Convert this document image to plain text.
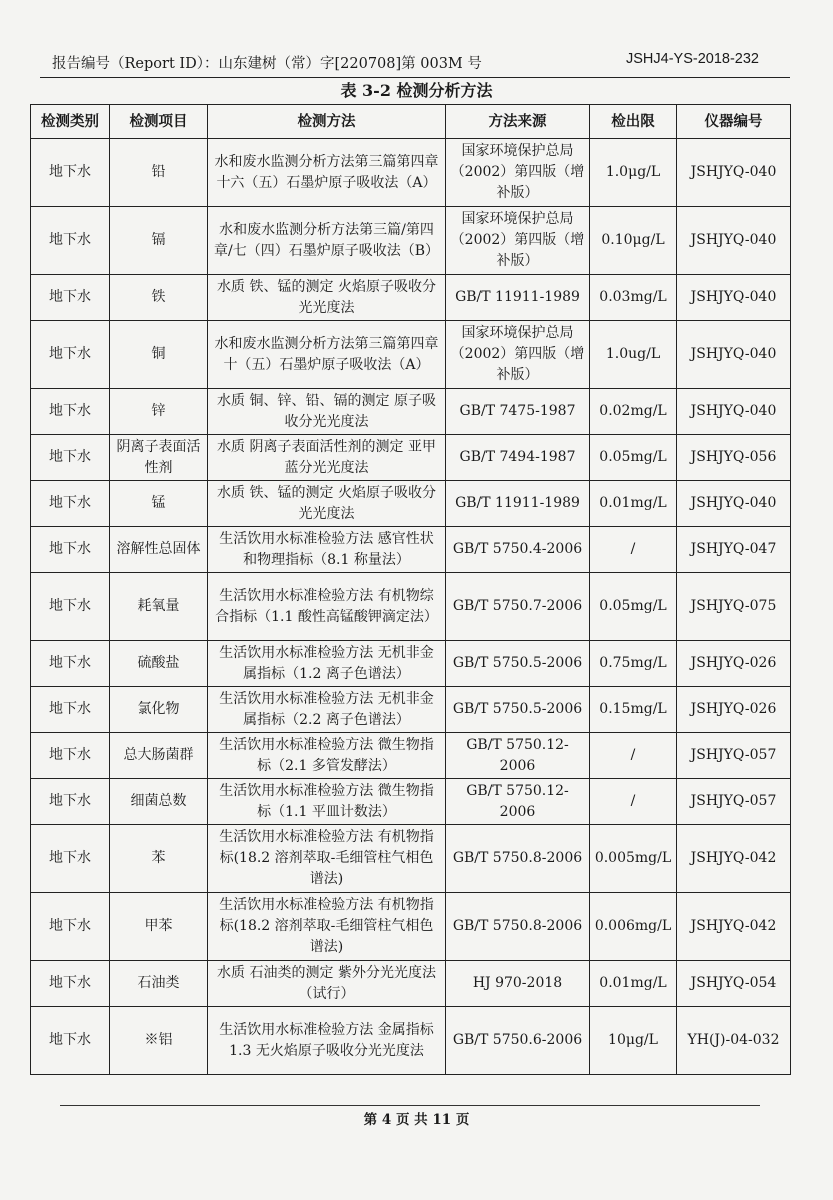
报告编号（Report ID）：山东建树（常）字[220708]第 003M 号	JSHJ4-YS-2018-232
表 3-2 检测分析方法
检测类别	检测项目	检测方法	方法来源	检出限	仪器编号
地下水	铅	水和废水监测分析方法第三篇第四章十六（五）石墨炉原子吸收法（A）	国家环境保护总局（2002）第四版（增补版）	1.0μg/L	JSHJYQ-040
地下水	镉	水和废水监测分析方法第三篇/第四章/七（四）石墨炉原子吸收法（B）	国家环境保护总局（2002）第四版（增补版）	0.10μg/L	JSHJYQ-040
地下水	铁	水质 铁、锰的测定 火焰原子吸收分光光度法	GB/T 11911-1989	0.03mg/L	JSHJYQ-040
地下水	铜	水和废水监测分析方法第三篇第四章十（五）石墨炉原子吸收法（A）	国家环境保护总局（2002）第四版（增补版）	1.0ug/L	JSHJYQ-040
地下水	锌	水质 铜、锌、铅、镉的测定 原子吸收分光光度法	GB/T 7475-1987	0.02mg/L	JSHJYQ-040
地下水	阴离子表面活性剂	水质 阴离子表面活性剂的测定 亚甲蓝分光光度法	GB/T 7494-1987	0.05mg/L	JSHJYQ-056
地下水	锰	水质 铁、锰的测定 火焰原子吸收分光光度法	GB/T 11911-1989	0.01mg/L	JSHJYQ-040
地下水	溶解性总固体	生活饮用水标准检验方法 感官性状和物理指标（8.1 称量法）	GB/T 5750.4-2006	/	JSHJYQ-047
地下水	耗氧量	生活饮用水标准检验方法 有机物综合指标（1.1 酸性高锰酸钾滴定法）	GB/T 5750.7-2006	0.05mg/L	JSHJYQ-075
地下水	硫酸盐	生活饮用水标准检验方法 无机非金属指标（1.2 离子色谱法）	GB/T 5750.5-2006	0.75mg/L	JSHJYQ-026
地下水	氯化物	生活饮用水标准检验方法 无机非金属指标（2.2 离子色谱法）	GB/T 5750.5-2006	0.15mg/L	JSHJYQ-026
地下水	总大肠菌群	生活饮用水标准检验方法 微生物指标（2.1 多管发酵法）	GB/T 5750.12-2006	/	JSHJYQ-057
地下水	细菌总数	生活饮用水标准检验方法 微生物指标（1.1 平皿计数法）	GB/T 5750.12-2006	/	JSHJYQ-057
地下水	苯	生活饮用水标准检验方法 有机物指标(18.2 溶剂萃取-毛细管柱气相色谱法)	GB/T 5750.8-2006	0.005mg/L	JSHJYQ-042
地下水	甲苯	生活饮用水标准检验方法 有机物指标(18.2 溶剂萃取-毛细管柱气相色谱法)	GB/T 5750.8-2006	0.006mg/L	JSHJYQ-042
地下水	石油类	水质 石油类的测定 紫外分光光度法（试行）	HJ 970-2018	0.01mg/L	JSHJYQ-054
地下水	※铝	生活饮用水标准检验方法 金属指标 1.3 无火焰原子吸收分光光度法	GB/T 5750.6-2006	10μg/L	YH(J)-04-032
第 4 页 共 11 页
